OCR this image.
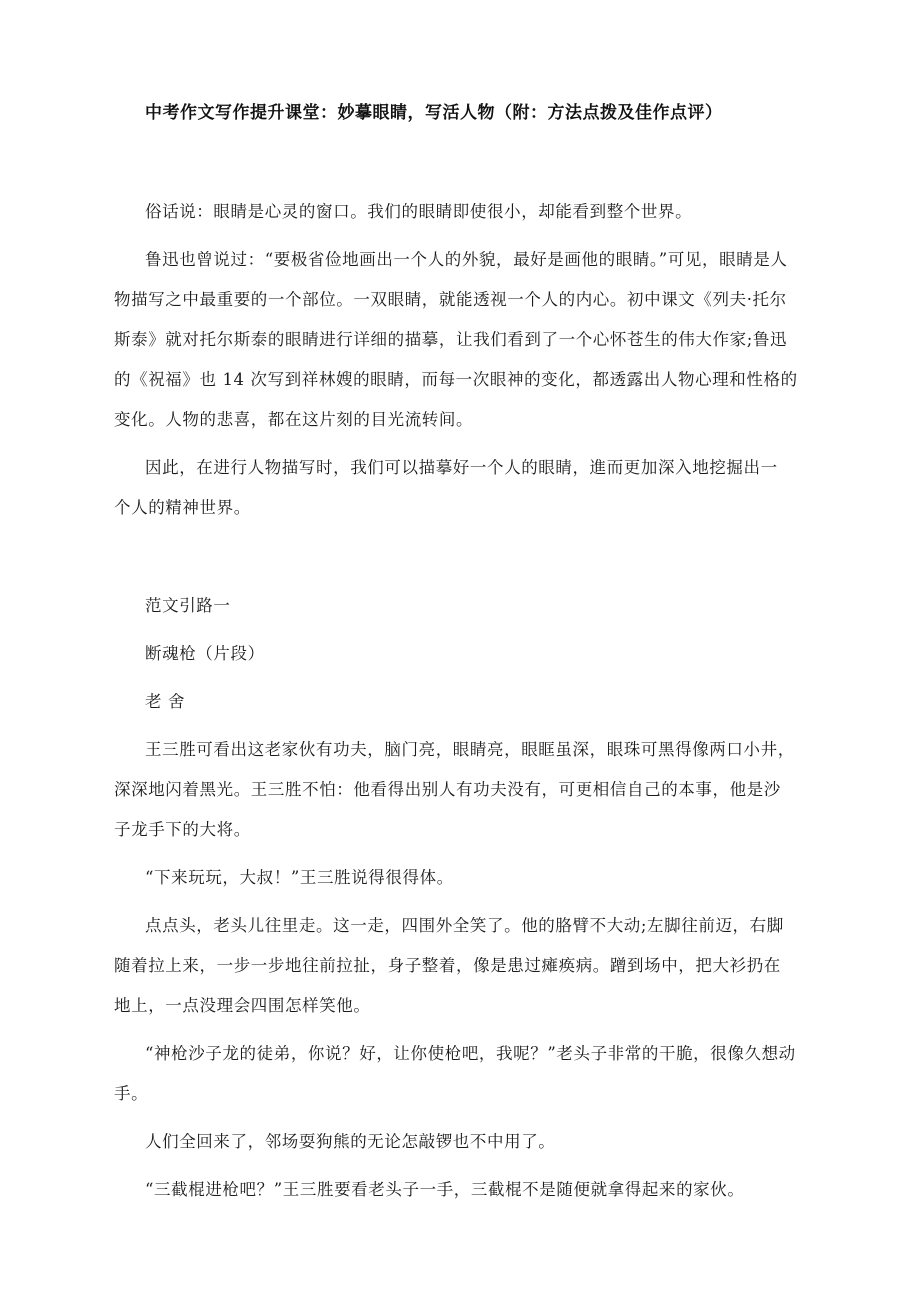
中考作文写作提升课堂：妙摹眼睛，写活人物（附：方法点拨及佳作点评）

俗话说：眼睛是心灵的窗口。我们的眼睛即使很小，却能看到整个世界。

鲁迅也曾说过：“要极省俭地画出一个人的外貌，最好是画他的眼睛。”可见，眼睛是人

物描写之中最重要的一个部位。一双眼睛，就能透视一个人的内心。初中课文《列夫·托尔

斯泰》就对托尔斯泰的眼睛进行详细的描摹，让我们看到了一个心怀苍生的伟大作家;鲁迅

的《祝福》也 14 次写到祥林嫂的眼睛，而每一次眼神的变化，都透露出人物心理和性格的

变化。人物的悲喜，都在这片刻的目光流转间。

因此，在进行人物描写时，我们可以描摹好一个人的眼睛，進而更加深入地挖掘出一

个人的精神世界。

范文引路一

断魂枪（片段）

老 舍

王三胜可看出这老家伙有功夫，脑门亮，眼睛亮，眼眶虽深，眼珠可黑得像两口小井，

深深地闪着黑光。王三胜不怕：他看得出别人有功夫没有，可更相信自己的本事，他是沙

子龙手下的大将。

“下来玩玩，大叔！”王三胜说得很得体。

点点头，老头儿往里走。这一走，四围外全笑了。他的胳臂不大动;左脚往前迈，右脚

随着拉上来，一步一步地往前拉扯，身子整着，像是患过瘫痪病。蹭到场中，把大衫扔在

地上，一点没理会四围怎样笑他。

“神枪沙子龙的徒弟，你说？好，让你使枪吧，我呢？”老头子非常的干脆，很像久想动

手。

人们全回来了，邻场耍狗熊的无论怎敲锣也不中用了。

“三截棍进枪吧？”王三胜要看老头子一手，三截棍不是随便就拿得起来的家伙。
